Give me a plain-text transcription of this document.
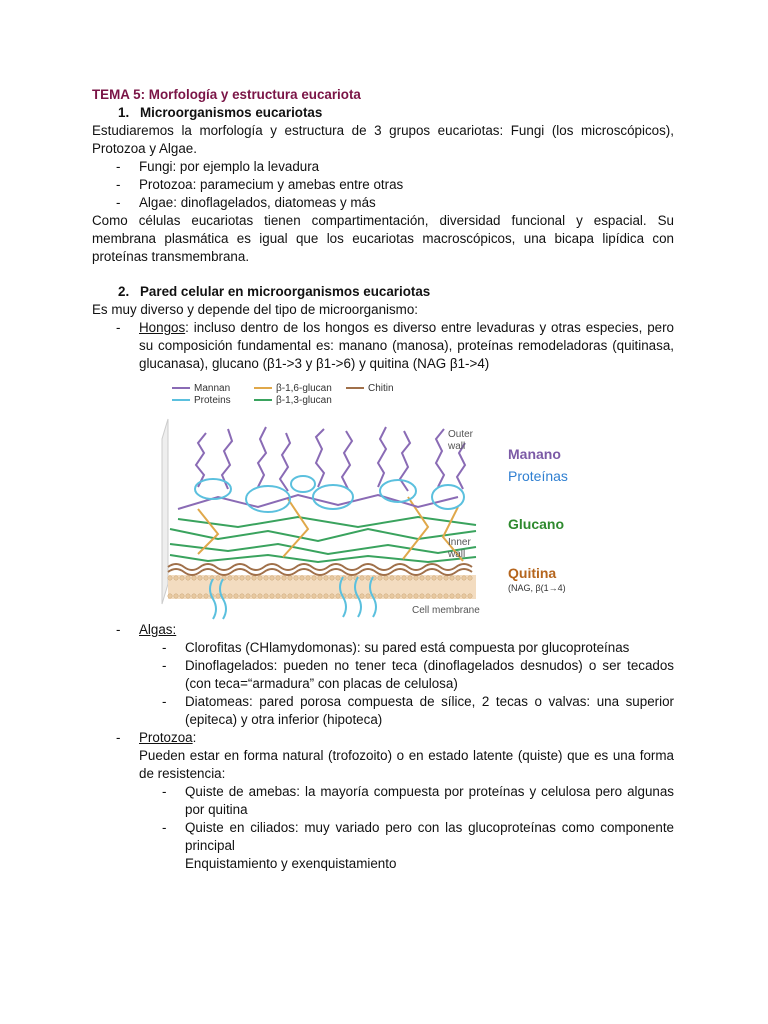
TEMA 5: Morfología y estructura eucariota

1. Microorganismos eucariotas

Estudiaremos la morfología y estructura de 3 grupos eucariotas: Fungi (los microscópicos), Protozoa y Algae.

- Fungi: por ejemplo la levadura
- Protozoa: paramecium y amebas entre otras
- Algae: dinoflagelados, diatomeas y más

Como células eucariotas tienen compartimentación, diversidad funcional y espacial. Su membrana plasmática es igual que los eucariotas macroscópicos, una bicapa lipídica con proteínas transmembrana.

2. Pared celular en microorganismos eucariotas

Es muy diverso y depende del tipo de microorganismo:

- Hongos: incluso dentro de los hongos es diverso entre levaduras y otras especies, pero su composición fundamental es: manano (manosa), proteínas remodeladoras (quitinasa, glucanasa), glucano (β1->3 y β1->6) y quitina (NAG β1->4)
Mannan
Proteins
β-1,6-glucan
β-1,3-glucan
Chitin
Outer
wall
Inner
wall
Cell membrane
Manano
Proteínas
Glucano
Quitina
(NAG, β(1→4)
- Algas:
- Clorofitas (CHlamydomonas): su pared está compuesta por glucoproteínas
- Dinoflagelados: pueden no tener teca (dinoflagelados desnudos) o ser tecados (con teca=“armadura” con placas de celulosa)
- Diatomeas: pared porosa compuesta de sílice, 2 tecas o valvas: una superior (epiteca) y otra inferior (hipoteca)
- Protozoa:

Pueden estar en forma natural (trofozoito) o en estado latente (quiste) que es una forma de resistencia:

- Quiste de amebas: la mayoría compuesta por proteínas y celulosa pero algunas por quitina
- Quiste en ciliados: muy variado pero con las glucoproteínas como componente principal

Enquistamiento y exenquistamiento
